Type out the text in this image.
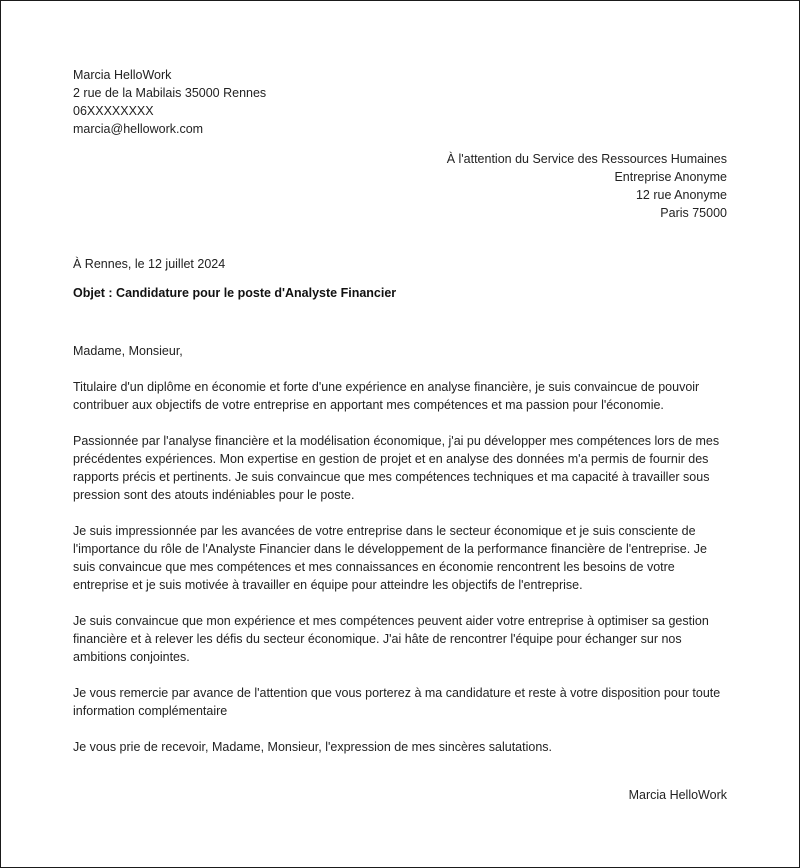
Marcia HelloWork
2 rue de la Mabilais 35000 Rennes
06XXXXXXXX
marcia@hellowork.com
À l'attention du Service des Ressources Humaines
Entreprise Anonyme
12 rue Anonyme
Paris 75000
À Rennes, le 12 juillet 2024
Objet : Candidature pour le poste d'Analyste Financier

Madame, Monsieur,

Titulaire d'un diplôme en économie et forte d'une expérience en analyse financière, je suis convaincue de pouvoir contribuer aux objectifs de votre entreprise en apportant mes compétences et ma passion pour l'économie.

Passionnée par l'analyse financière et la modélisation économique, j'ai pu développer mes compétences lors de mes précédentes expériences. Mon expertise en gestion de projet et en analyse des données m'a permis de fournir des rapports précis et pertinents. Je suis convaincue que mes compétences techniques et ma capacité à travailler sous pression sont des atouts indéniables pour le poste.

Je suis impressionnée par les avancées de votre entreprise dans le secteur économique et je suis consciente de l'importance du rôle de l'Analyste Financier dans le développement de la performance financière de l'entreprise. Je suis convaincue que mes compétences et mes connaissances en économie rencontrent les besoins de votre entreprise et je suis motivée à travailler en équipe pour atteindre les objectifs de l'entreprise.

Je suis convaincue que mon expérience et mes compétences peuvent aider votre entreprise à optimiser sa gestion financière et à relever les défis du secteur économique. J'ai hâte de rencontrer l'équipe pour échanger sur nos ambitions conjointes.

Je vous remercie par avance de l'attention que vous porterez à ma candidature et reste à votre disposition pour toute information complémentaire

Je vous prie de recevoir, Madame, Monsieur, l'expression de mes sincères salutations.

Marcia HelloWork
